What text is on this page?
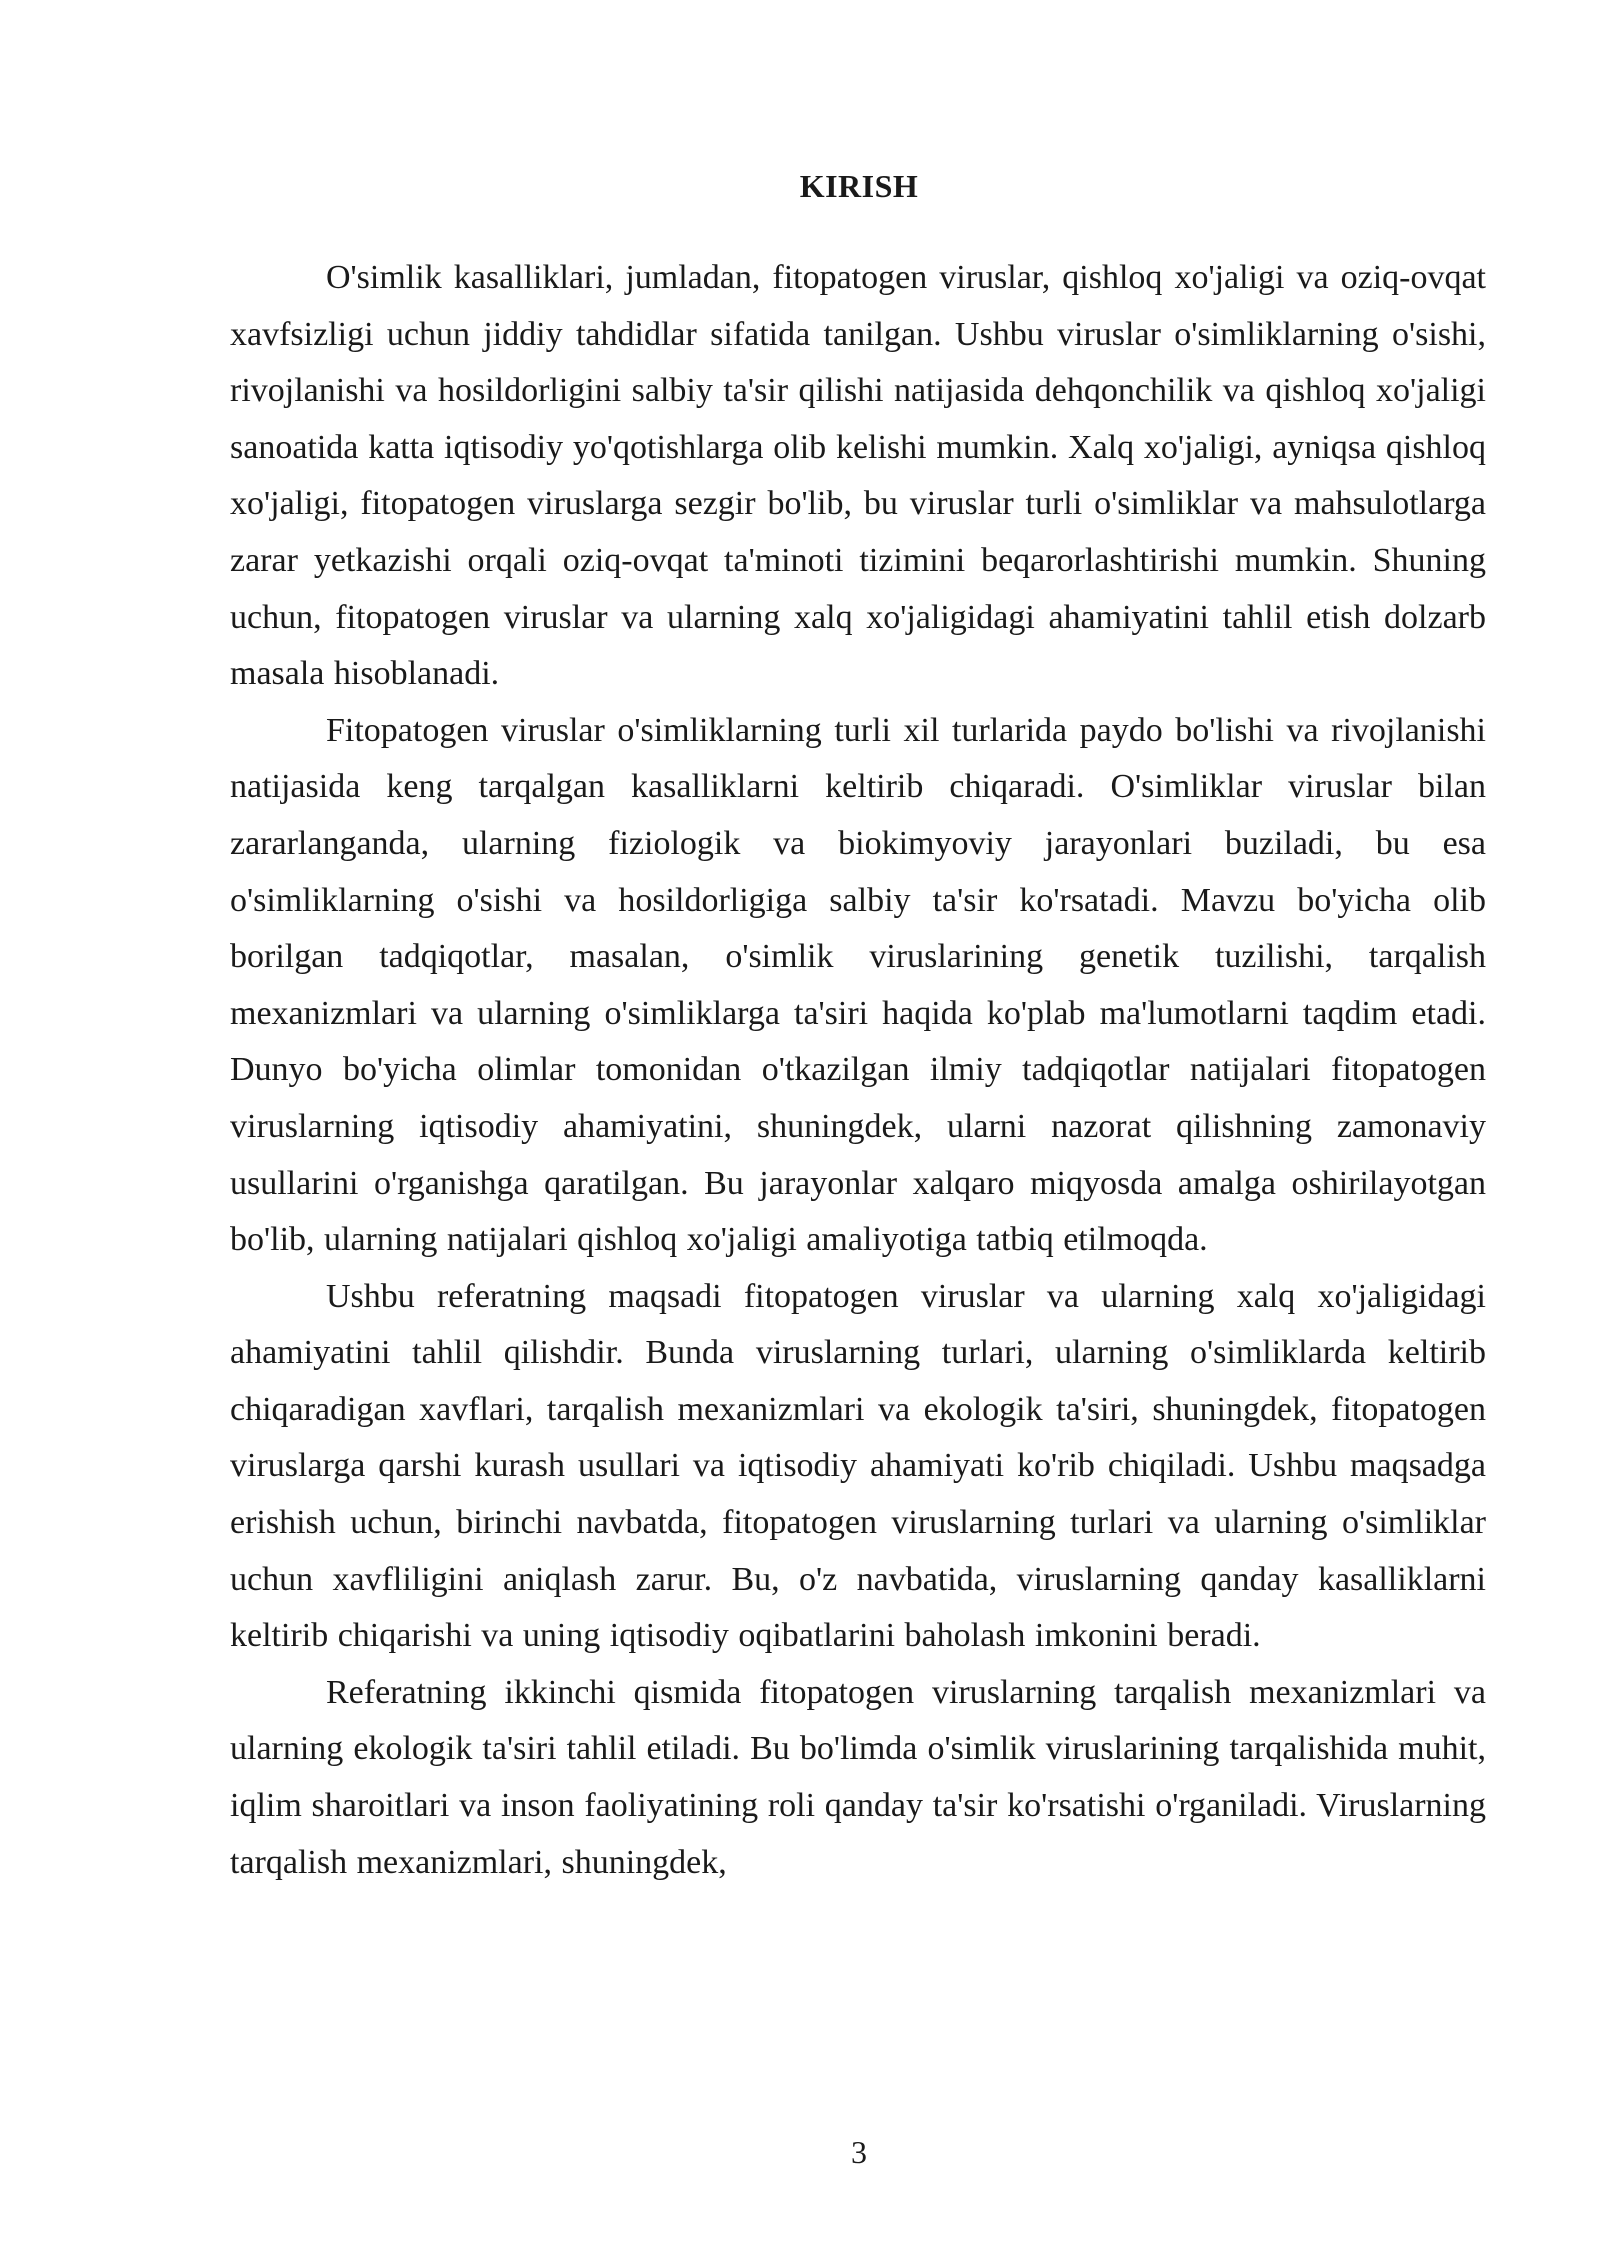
KIRISH

O'simlik kasalliklari, jumladan, fitopatogen viruslar, qishloq xo'jaligi va oziq-ovqat xavfsizligi uchun jiddiy tahdidlar sifatida tanilgan. Ushbu viruslar o'simliklarning o'sishi, rivojlanishi va hosildorligini salbiy ta'sir qilishi natijasida dehqonchilik va qishloq xo'jaligi sanoatida katta iqtisodiy yo'qotishlarga olib kelishi mumkin. Xalq xo'jaligi, ayniqsa qishloq xo'jaligi, fitopatogen viruslarga sezgir bo'lib, bu viruslar turli o'simliklar va mahsulotlarga zarar yetkazishi orqali oziq-ovqat ta'minoti tizimini beqarorlashtirishi mumkin. Shuning uchun, fitopatogen viruslar va ularning xalq xo'jaligidagi ahamiyatini tahlil etish dolzarb masala hisoblanadi.

Fitopatogen viruslar o'simliklarning turli xil turlarida paydo bo'lishi va rivojlanishi natijasida keng tarqalgan kasalliklarni keltirib chiqaradi. O'simliklar viruslar bilan zararlanganda, ularning fiziologik va biokimyoviy jarayonlari buziladi, bu esa o'simliklarning o'sishi va hosildorligiga salbiy ta'sir ko'rsatadi. Mavzu bo'yicha olib borilgan tadqiqotlar, masalan, o'simlik viruslarining genetik tuzilishi, tarqalish mexanizmlari va ularning o'simliklarga ta'siri haqida ko'plab ma'lumotlarni taqdim etadi. Dunyo bo'yicha olimlar tomonidan o'tkazilgan ilmiy tadqiqotlar natijalari fitopatogen viruslarning iqtisodiy ahamiyatini, shuningdek, ularni nazorat qilishning zamonaviy usullarini o'rganishga qaratilgan. Bu jarayonlar xalqaro miqyosda amalga oshirilayotgan bo'lib, ularning natijalari qishloq xo'jaligi amaliyotiga tatbiq etilmoqda.

Ushbu referatning maqsadi fitopatogen viruslar va ularning xalq xo'jaligidagi ahamiyatini tahlil qilishdir. Bunda viruslarning turlari, ularning o'simliklarda keltirib chiqaradigan xavflari, tarqalish mexanizmlari va ekologik ta'siri, shuningdek, fitopatogen viruslarga qarshi kurash usullari va iqtisodiy ahamiyati ko'rib chiqiladi. Ushbu maqsadga erishish uchun, birinchi navbatda, fitopatogen viruslarning turlari va ularning o'simliklar uchun xavfliligini aniqlash zarur. Bu, o'z navbatida, viruslarning qanday kasalliklarni keltirib chiqarishi va uning iqtisodiy oqibatlarini baholash imkonini beradi.

Referatning ikkinchi qismida fitopatogen viruslarning tarqalish mexanizmlari va ularning ekologik ta'siri tahlil etiladi. Bu bo'limda o'simlik viruslarining tarqalishida muhit, iqlim sharoitlari va inson faoliyatining roli qanday ta'sir ko'rsatishi o'rganiladi. Viruslarning tarqalish mexanizmlari, shuningdek,

3
